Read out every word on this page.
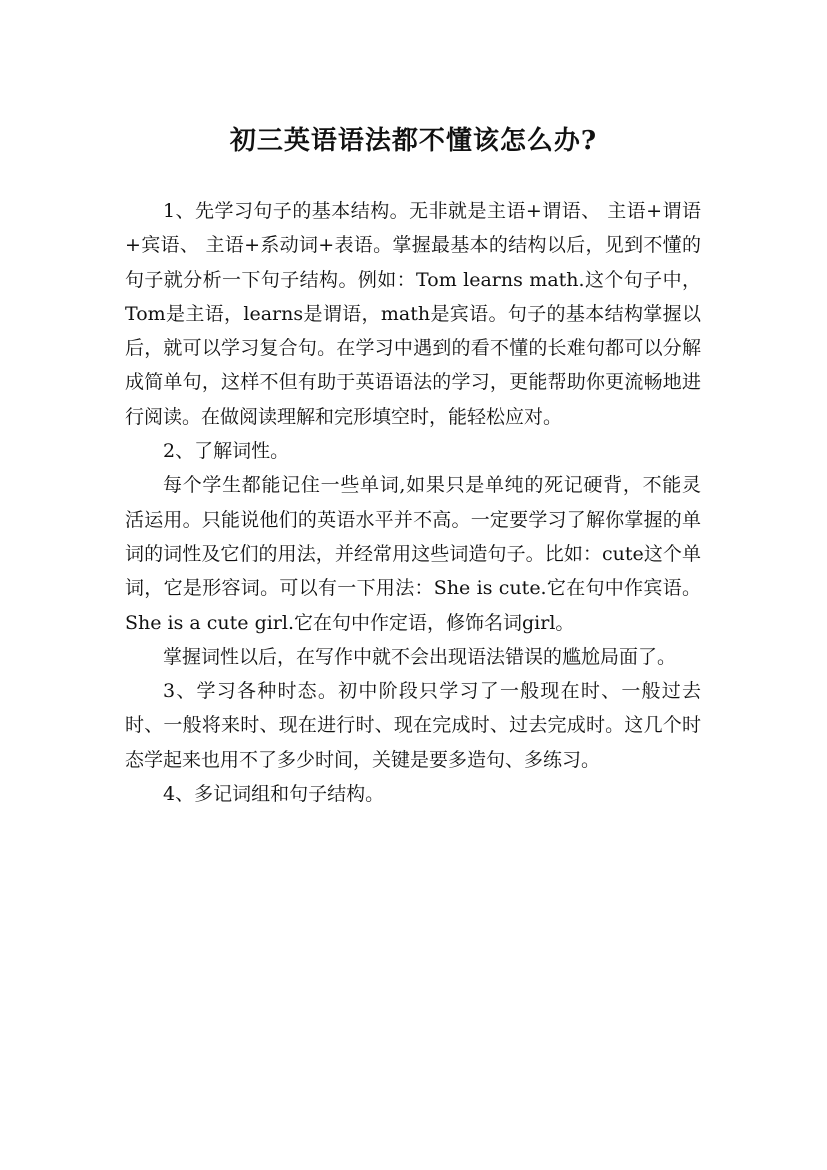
初三英语语法都不懂该怎么办?

1、先学习句子的基本结构。无非就是主语+谓语、 主语+谓语+宾语、 主语+系动词+表语。掌握最基本的结构以后，见到不懂的句子就分析一下句子结构。例如：Tom learns math.这个句子中，Tom是主语，learns是谓语，math是宾语。句子的基本结构掌握以后，就可以学习复合句。在学习中遇到的看不懂的长难句都可以分解成简单句，这样不但有助于英语语法的学习，更能帮助你更流畅地进行阅读。在做阅读理解和完形填空时，能轻松应对。

2、了解词性。

每个学生都能记住一些单词,如果只是单纯的死记硬背，不能灵活运用。只能说他们的英语水平并不高。一定要学习了解你掌握的单词的词性及它们的用法，并经常用这些词造句子。比如：cute这个单词，它是形容词。可以有一下用法：She is cute.它在句中作宾语。She is a cute girl.它在句中作定语，修饰名词girl。

掌握词性以后，在写作中就不会出现语法错误的尴尬局面了。

3、学习各种时态。初中阶段只学习了一般现在时、一般过去时、一般将来时、现在进行时、现在完成时、过去完成时。这几个时态学起来也用不了多少时间，关键是要多造句、多练习。

4、多记词组和句子结构。
